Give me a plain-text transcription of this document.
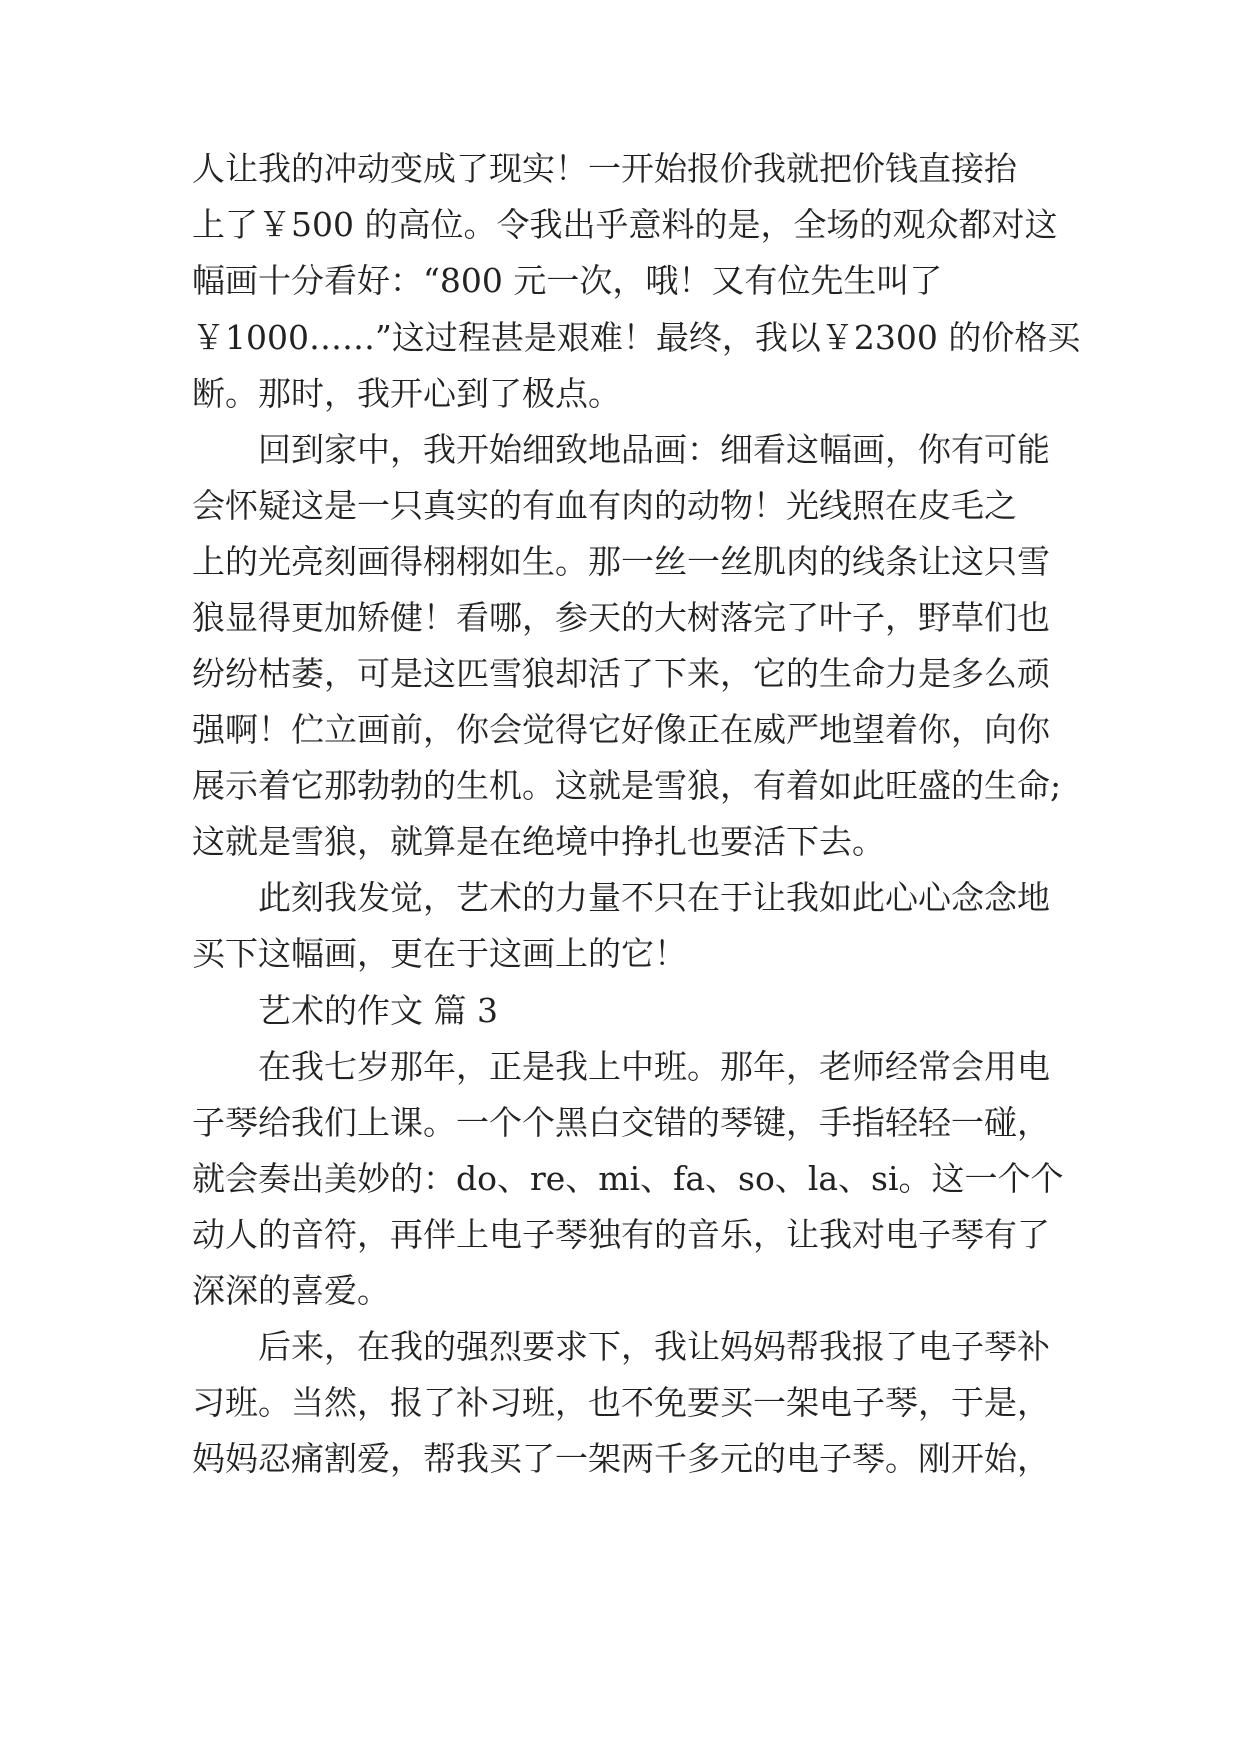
人让我的冲动变成了现实！一开始报价我就把价钱直接抬
上了￥500 的高位。令我出乎意料的是，全场的观众都对这
幅画十分看好：“800 元一次，哦！又有位先生叫了
￥1000……”这过程甚是艰难！最终，我以￥2300 的价格买
断。那时，我开心到了极点。
回到家中，我开始细致地品画：细看这幅画，你有可能
会怀疑这是一只真实的有血有肉的动物！光线照在皮毛之
上的光亮刻画得栩栩如生。那一丝一丝肌肉的线条让这只雪
狼显得更加矫健！看哪，参天的大树落完了叶子，野草们也
纷纷枯萎，可是这匹雪狼却活了下来，它的生命力是多么顽
强啊！伫立画前，你会觉得它好像正在威严地望着你，向你
展示着它那勃勃的生机。这就是雪狼，有着如此旺盛的生命;
这就是雪狼，就算是在绝境中挣扎也要活下去。
此刻我发觉，艺术的力量不只在于让我如此心心念念地
买下这幅画，更在于这画上的它！
艺术的作文 篇 3
在我七岁那年，正是我上中班。那年，老师经常会用电
子琴给我们上课。一个个黑白交错的琴键，手指轻轻一碰，
就会奏出美妙的：do、re、mi、fa、so、la、si。这一个个
动人的音符，再伴上电子琴独有的音乐，让我对电子琴有了
深深的喜爱。
后来，在我的强烈要求下，我让妈妈帮我报了电子琴补
习班。当然，报了补习班，也不免要买一架电子琴，于是，
妈妈忍痛割爱，帮我买了一架两千多元的电子琴。刚开始，
